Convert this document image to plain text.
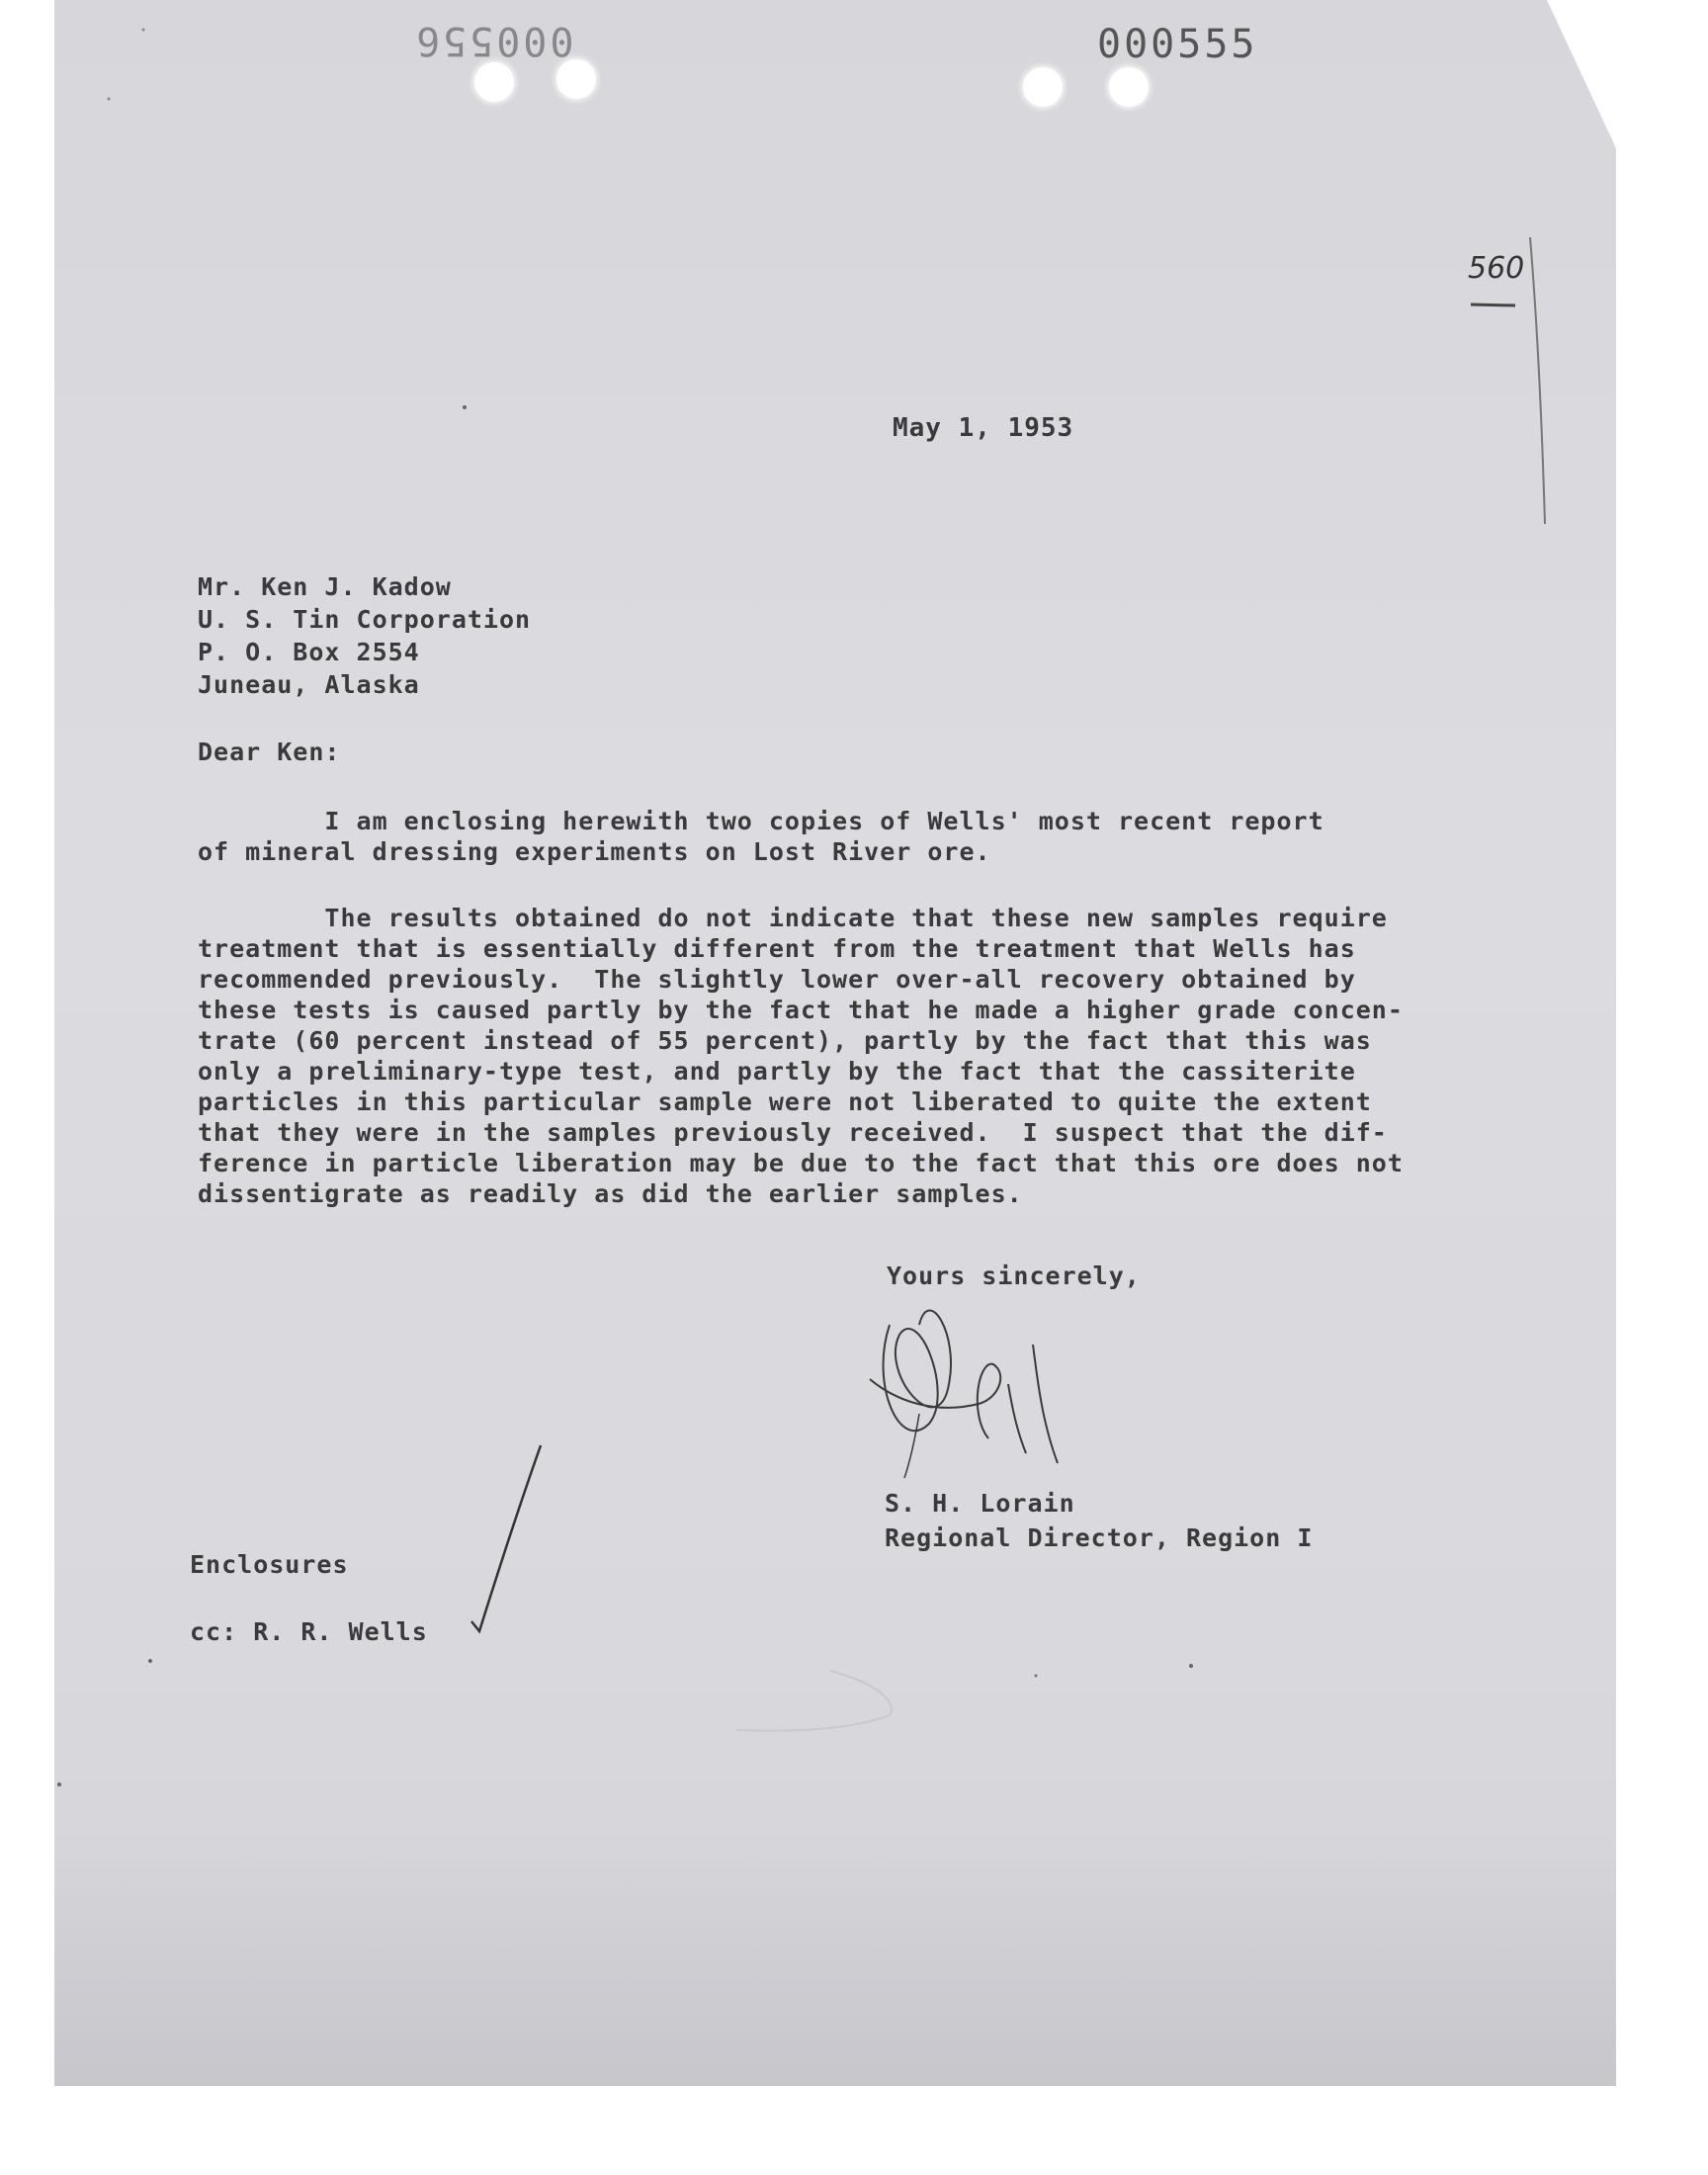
000556	000555
560
May 1, 1953
Mr. Ken J. Kadow
U. S. Tin Corporation
P. O. Box 2554
Juneau, Alaska
Dear Ken:
I am enclosing herewith two copies of Wells' most recent report
of mineral dressing experiments on Lost River ore.
The results obtained do not indicate that these new samples require
treatment that is essentially different from the treatment that Wells has
recommended previously.  The slightly lower over-all recovery obtained by
these tests is caused partly by the fact that he made a higher grade concen-
trate (60 percent instead of 55 percent), partly by the fact that this was
only a preliminary-type test, and partly by the fact that the cassiterite
particles in this particular sample were not liberated to quite the extent
that they were in the samples previously received.  I suspect that the dif-
ference in particle liberation may be due to the fact that this ore does not
dissentigrate as readily as did the earlier samples.
Yours sincerely,
S. H. Lorain
Regional Director, Region I
Enclosures
cc: R. R. Wells
